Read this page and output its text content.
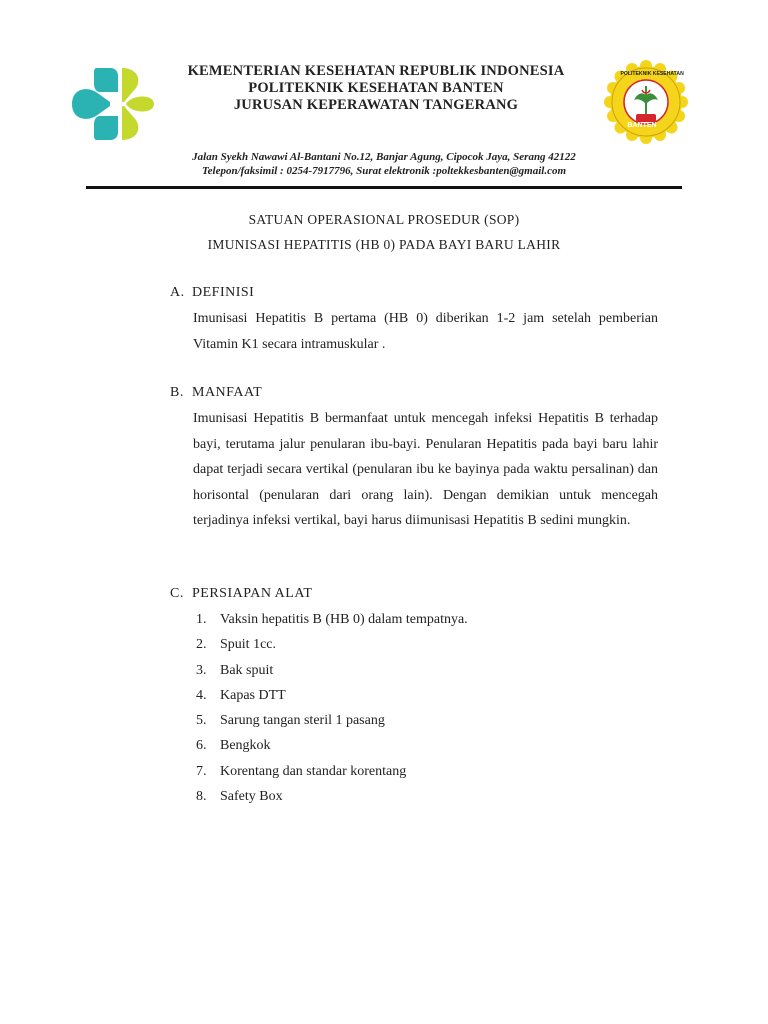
KEMENTERIAN KESEHATAN REPUBLIK INDONESIA
POLITEKNIK KESEHATAN BANTEN
JURUSAN KEPERAWATAN TANGERANG
POLITEKNIK KESEHATAN
BANTEN
Jalan Syekh Nawawi Al-Bantani No.12, Banjar Agung, Cipocok Jaya, Serang 42122
Telepon/faksimil : 0254-7917796, Surat elektronik :poltekkesbanten@gmail.com
SATUAN OPERASIONAL PROSEDUR (SOP)
IMUNISASI HEPATITIS (HB 0) PADA BAYI BARU LAHIR
A. DEFINISI
Imunisasi Hepatitis B pertama (HB 0) diberikan 1-2 jam setelah pemberian Vitamin K1 secara intramuskular .
B. MANFAAT
Imunisasi Hepatitis B bermanfaat untuk mencegah infeksi Hepatitis B terhadap bayi, terutama jalur penularan ibu-bayi. Penularan Hepatitis pada bayi baru lahir dapat terjadi secara vertikal (penularan ibu ke bayinya pada waktu persalinan) dan horisontal (penularan dari orang lain). Dengan demikian untuk mencegah terjadinya infeksi vertikal, bayi harus diimunisasi Hepatitis B sedini mungkin.
C. PERSIAPAN ALAT
1. Vaksin hepatitis B (HB 0) dalam tempatnya.
2. Spuit 1cc.
3. Bak spuit
4. Kapas DTT
5. Sarung tangan steril 1 pasang
6. Bengkok
7. Korentang dan standar korentang
8. Safety Box
